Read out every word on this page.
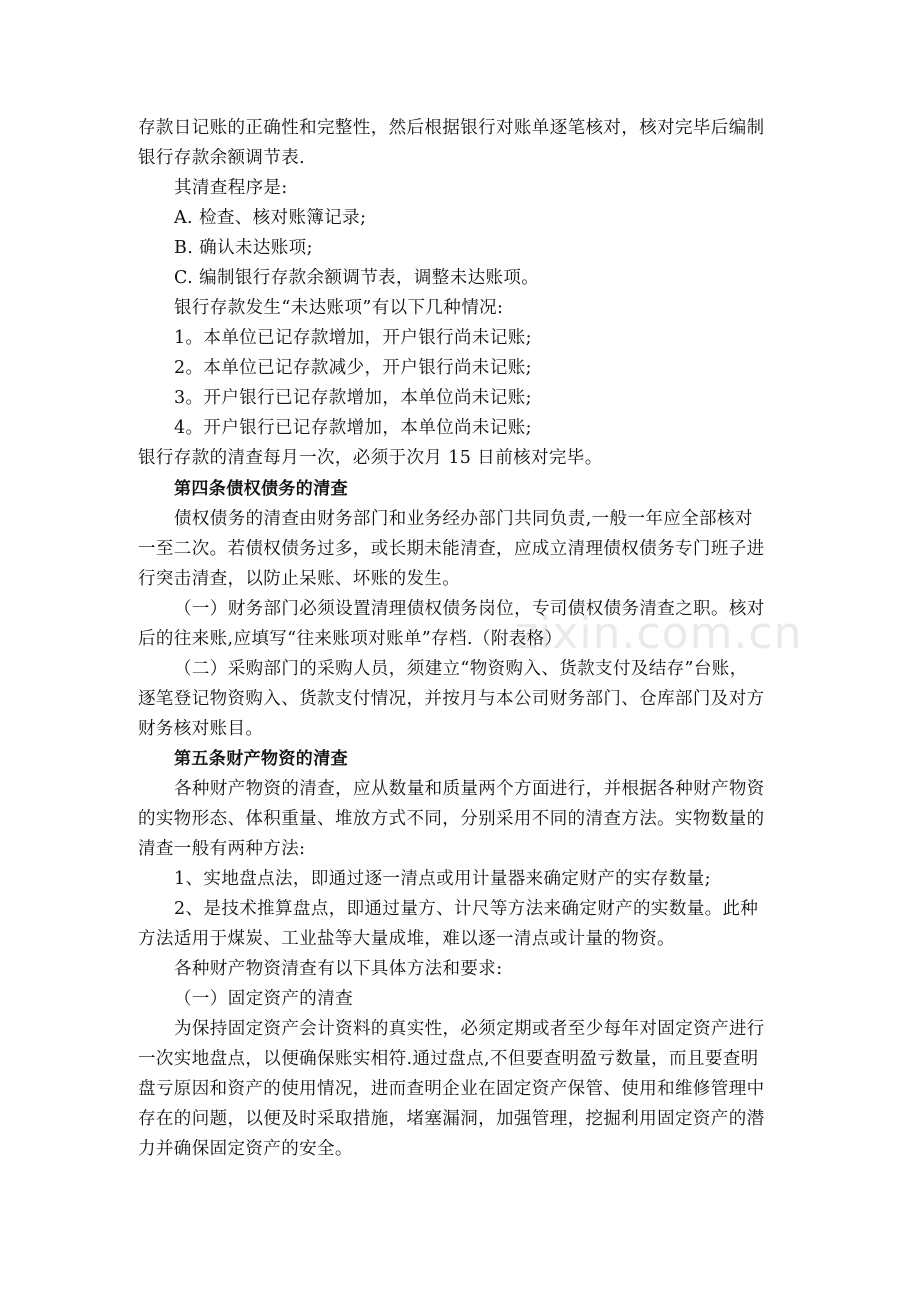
zixin.com.cn
存款日记账的正确性和完整性，然后根据银行对账单逐笔核对，核对完毕后编制
银行存款余额调节表.
其清查程序是:
A. 检查、核对账簿记录;
B. 确认未达账项;
C. 编制银行存款余额调节表，调整未达账项。
银行存款发生“未达账项”有以下几种情况:
1。本单位已记存款增加，开户银行尚未记账;
2。本单位已记存款减少，开户银行尚未记账;
3。开户银行已记存款增加，本单位尚未记账;
4。开户银行已记存款增加，本单位尚未记账;
银行存款的清查每月一次，必须于次月 15 日前核对完毕。
第四条债权债务的清查
债权债务的清查由财务部门和业务经办部门共同负责,一般一年应全部核对
一至二次。若债权债务过多，或长期未能清查，应成立清理债权债务专门班子进
行突击清查，以防止呆账、坏账的发生。
（一）财务部门必须设置清理债权债务岗位，专司债权债务清查之职。核对
后的往来账,应填写“往来账项对账单”存档.（附表格）
（二）采购部门的采购人员，须建立“物资购入、货款支付及结存”台账，
逐笔登记物资购入、货款支付情况，并按月与本公司财务部门、仓库部门及对方
财务核对账目。
第五条财产物资的清查
各种财产物资的清查，应从数量和质量两个方面进行，并根据各种财产物资
的实物形态、体积重量、堆放方式不同，分别采用不同的清查方法。实物数量的
清查一般有两种方法:
1、实地盘点法，即通过逐一清点或用计量器来确定财产的实存数量;
2、是技术推算盘点，即通过量方、计尺等方法来确定财产的实数量。此种
方法适用于煤炭、工业盐等大量成堆，难以逐一清点或计量的物资。
各种财产物资清查有以下具体方法和要求:
（一）固定资产的清查
为保持固定资产会计资料的真实性，必须定期或者至少每年对固定资产进行
一次实地盘点，以便确保账实相符.通过盘点,不但要查明盈亏数量，而且要查明
盘亏原因和资产的使用情况，进而查明企业在固定资产保管、使用和维修管理中
存在的问题，以便及时采取措施，堵塞漏洞，加强管理，挖掘利用固定资产的潜
力并确保固定资产的安全。
